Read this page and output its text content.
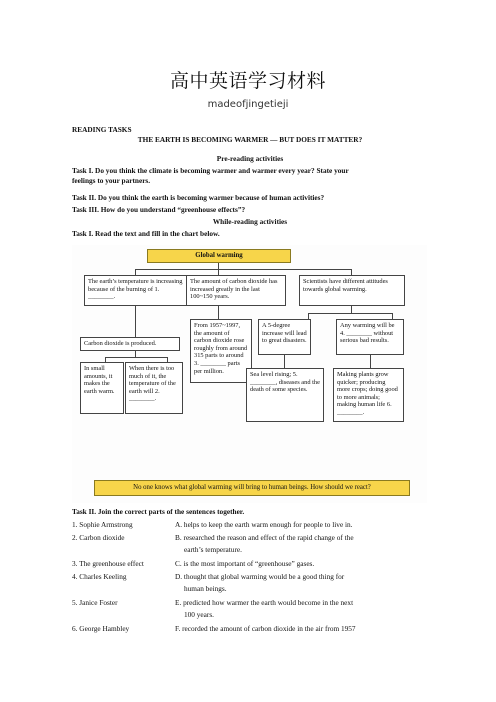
高中英语学习材料
madeofjingetieji
READING TASKS
THE EARTH IS BECOMING WARMER — BUT DOES IT MATTER?
Pre-reading activities
Task I. Do you think the climate is becoming warmer and warmer every year? State your
feelings to your partners.
Task II. Do you think the earth is becoming warmer because of human activities?
Task III. How do you understand “greenhouse effects”?
While-reading activities
Task I. Read the text and fill in the chart below.
Global warming
The earth’s temperature is increasing because of the burning of 1. ________.
The amount of carbon dioxide has increased greatly in the last 100~150 years.
Scientists have different attitudes towards global warming.
Carbon dioxide is produced.
From 1957~1997, the amount of carbon dioxide rose roughly from around 315 parts to around 3. ________ parts per million.
A 5-degree increase will lead to great disasters.
Any warming will be 4. ________ without serious bad results.
In small amounts, it makes the earth warm.
When there is too much of it, the temperature of the earth will 2. ________.
Sea level rising; 5. ________, diseases and the death of some species.
Making plants grow quicker; producing more crops; doing good to more animals; making human life 6. ________.
No one knows what global warming will bring to human beings. How should we react?
Task II. Join the correct parts of the sentences together.
1. Sophie Armstrong	A. helps to keep the earth warm enough for people to live in.
2. Carbon dioxide	B. researched the reason and effect of the rapid change of the
earth’s temperature.
3. The greenhouse effect	C. is the most important of “greenhouse” gases.
4. Charles Keeling	D. thought that global warming would be a good thing for
human beings.
5. Janice Foster	E. predicted how warmer the earth would become in the next
100 years.
6. George Hambley	F. recorded the amount of carbon dioxide in the air from 1957
